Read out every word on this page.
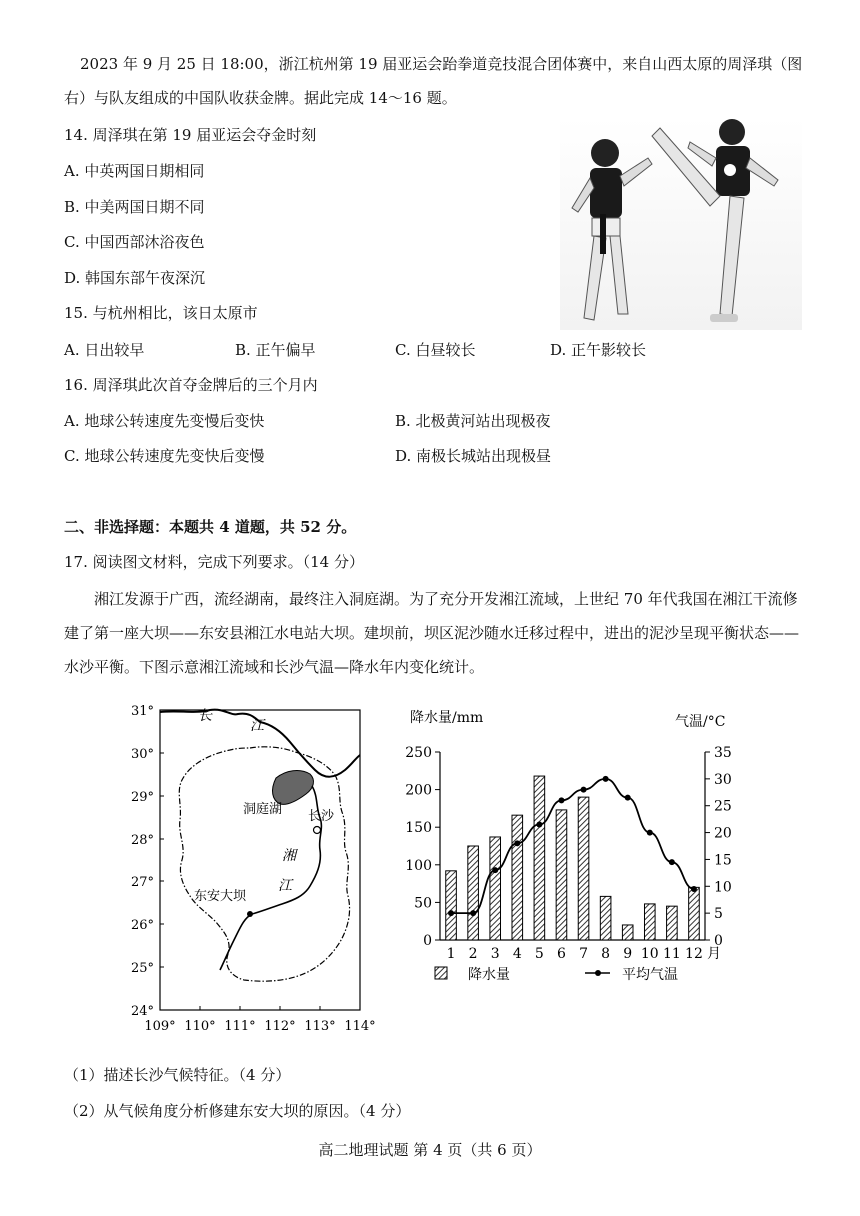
2023 年 9 月 25 日 18:00，浙江杭州第 19 届亚运会跆拳道竞技混合团体赛中，来自山西太原的周泽琪（图右）与队友组成的中国队收获金牌。据此完成 14～16 题。
14. 周泽琪在第 19 届亚运会夺金时刻
A. 中英两国日期相同
B. 中美两国日期不同
C. 中国西部沐浴夜色
D. 韩国东部午夜深沉
15. 与杭州相比，该日太原市
A. 日出较早	B. 正午偏早	C. 白昼较长	D. 正午影较长
16. 周泽琪此次首夺金牌后的三个月内
A. 地球公转速度先变慢后变快	B. 北极黄河站出现极夜
C. 地球公转速度先变快后变慢	D. 南极长城站出现极昼
二、非选择题：本题共 4 道题，共 52 分。
17. 阅读图文材料，完成下列要求。（14 分）
湘江发源于广西，流经湖南，最终注入洞庭湖。为了充分开发湘江流域，上世纪 70 年代我国在湘江干流修建了第一座大坝——东安县湘江水电站大坝。建坝前，坝区泥沙随水迁移过程中，进出的泥沙呈现平衡状态——水沙平衡。下图示意湘江流域和长沙气温—降水年内变化统计。
31°
30°
29°
28°
27°
26°
25°
24°
109° 110° 111° 112° 113° 114°
长
江
洞庭湖 长沙
湘
江
东安大坝
降水量/mm	气温/°C
0
50
100
150
200
250
0
5
10
15
20
25
30
35
1 2 3 4 5 6 7 8 9 10 11 12 月
降水量	平均气温
（1）描述长沙气候特征。（4 分）
（2）从气候角度分析修建东安大坝的原因。（4 分）
高二地理试题 第 4 页（共 6 页）
